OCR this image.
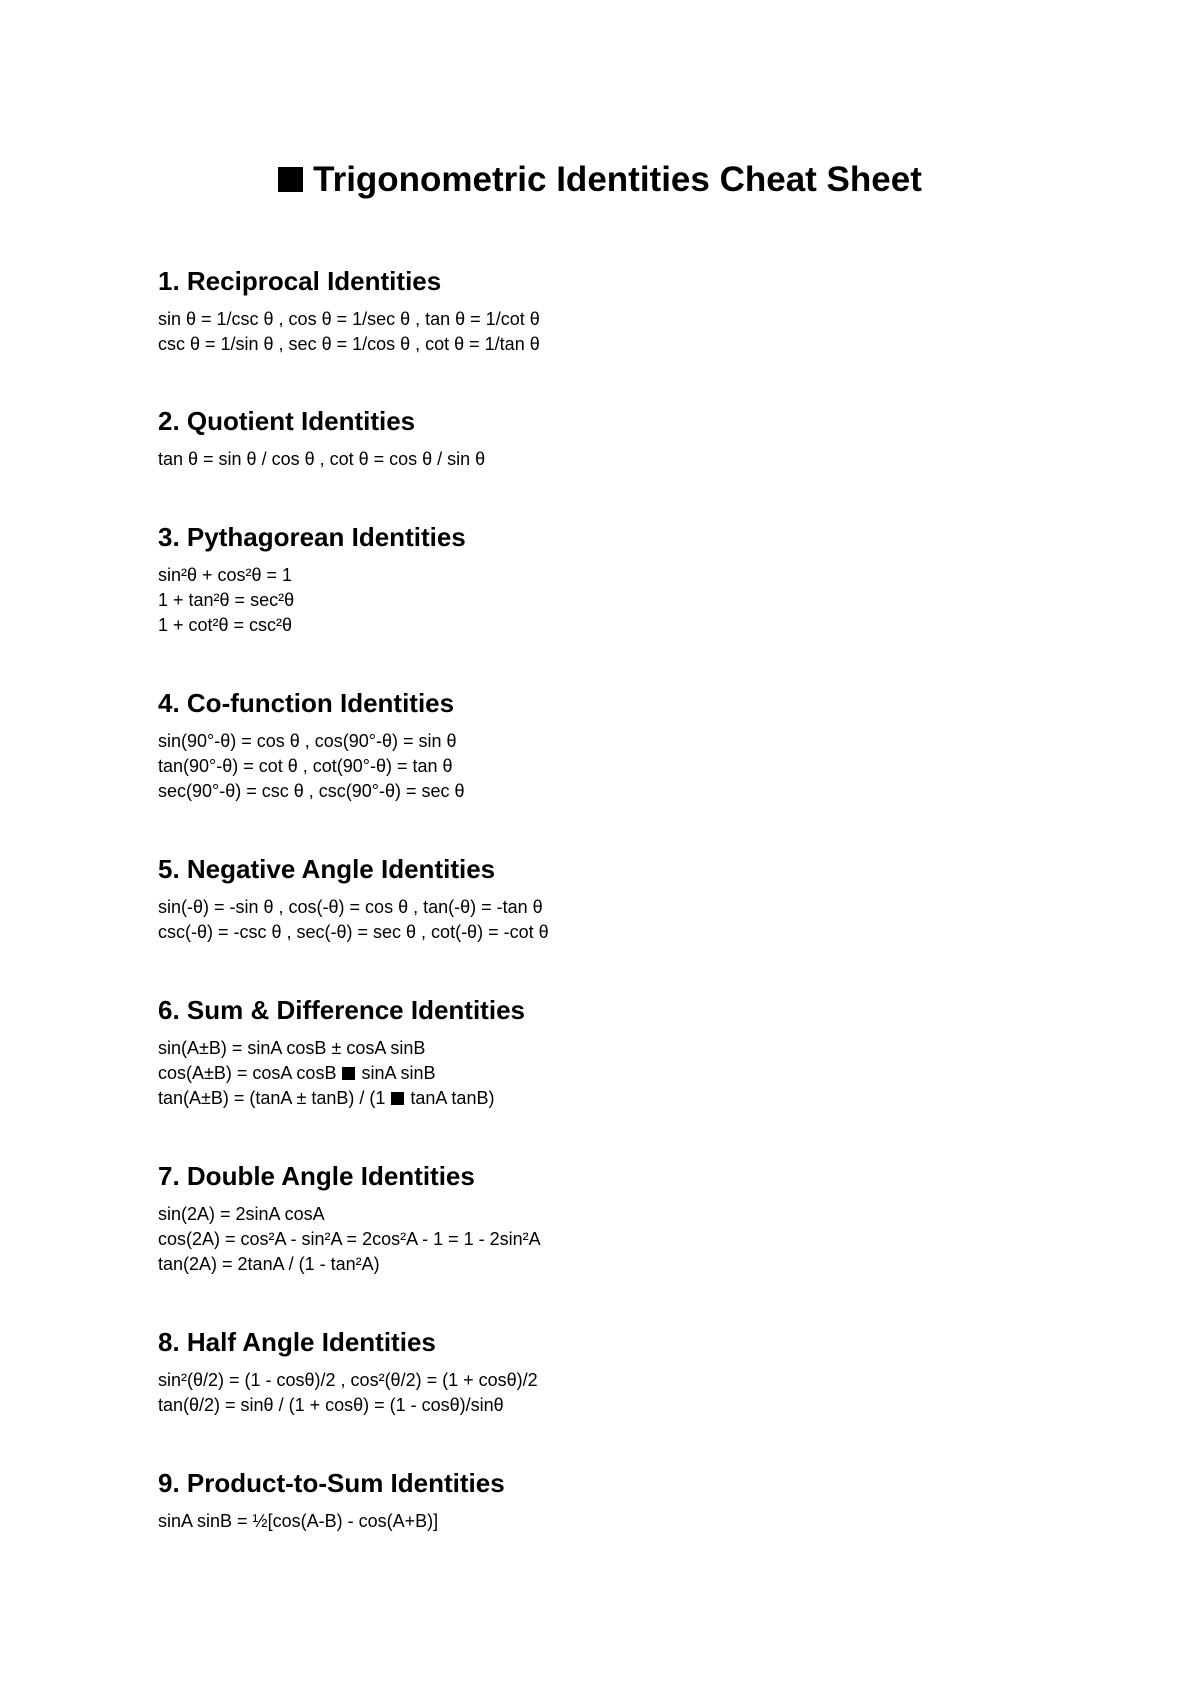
Trigonometric Identities Cheat Sheet
1. Reciprocal Identities
sin θ = 1/csc θ , cos θ = 1/sec θ , tan θ = 1/cot θ
csc θ = 1/sin θ , sec θ = 1/cos θ , cot θ = 1/tan θ
2. Quotient Identities
tan θ = sin θ / cos θ , cot θ = cos θ / sin θ
3. Pythagorean Identities
sin²θ + cos²θ = 1
1 + tan²θ = sec²θ
1 + cot²θ = csc²θ
4. Co-function Identities
sin(90°-θ) = cos θ , cos(90°-θ) = sin θ
tan(90°-θ) = cot θ , cot(90°-θ) = tan θ
sec(90°-θ) = csc θ , csc(90°-θ) = sec θ
5. Negative Angle Identities
sin(-θ) = -sin θ , cos(-θ) = cos θ , tan(-θ) = -tan θ
csc(-θ) = -csc θ , sec(-θ) = sec θ , cot(-θ) = -cot θ
6. Sum & Difference Identities
sin(A±B) = sinA cosB ± cosA sinB
cos(A±B) = cosA cosB sinA sinB
tan(A±B) = (tanA ± tanB) / (1 tanA tanB)
7. Double Angle Identities
sin(2A) = 2sinA cosA
cos(2A) = cos²A - sin²A = 2cos²A - 1 = 1 - 2sin²A
tan(2A) = 2tanA / (1 - tan²A)
8. Half Angle Identities
sin²(θ/2) = (1 - cosθ)/2 , cos²(θ/2) = (1 + cosθ)/2
tan(θ/2) = sinθ / (1 + cosθ) = (1 - cosθ)/sinθ
9. Product-to-Sum Identities
sinA sinB = ½[cos(A-B) - cos(A+B)]
